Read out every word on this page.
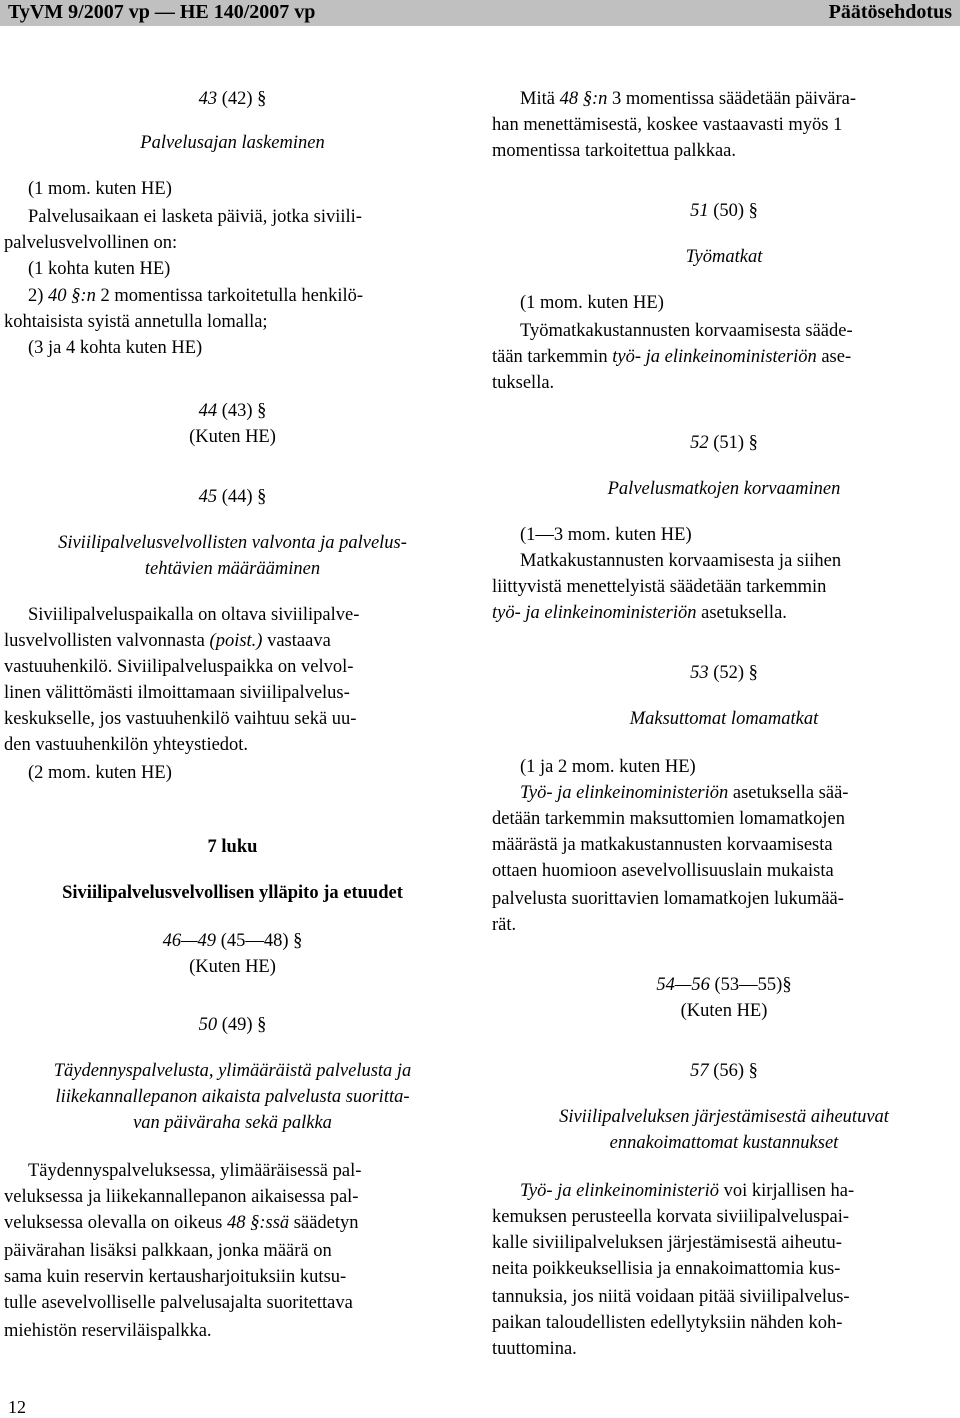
TyVM 9/2007 vp — HE 140/2007 vp	Päätösehdotus

43 (42) §

Palvelusajan laskeminen

(1 mom. kuten HE)

Palvelusaikaan ei lasketa päiviä, jotka siviili-

palvelusvelvollinen on:

(1 kohta kuten HE)

2) 40 §:n 2 momentissa tarkoitetulla henkilö-

kohtaisista syistä annetulla lomalla;

(3 ja 4 kohta kuten HE)

44 (43) §

(Kuten HE)

45 (44) §

Siviilipalvelusvelvollisten valvonta ja palvelus-

tehtävien määrääminen

Siviilipalveluspaikalla on oltava siviilipalve-

lusvelvollisten valvonnasta (poist.) vastaava

vastuuhenkilö. Siviilipalveluspaikka on velvol-

linen välittömästi ilmoittamaan siviilipalvelus-

keskukselle, jos vastuuhenkilö vaihtuu sekä uu-

den vastuuhenkilön yhteystiedot.

(2 mom. kuten HE)

7 luku

Siviilipalvelusvelvollisen ylläpito ja etuudet

46—49 (45—48) §

(Kuten HE)

50 (49) §

Täydennyspalvelusta, ylimääräistä palvelusta ja

liikekannallepanon aikaista palvelusta suoritta-

van päiväraha sekä palkka

Täydennyspalveluksessa, ylimääräisessä pal-

veluksessa ja liikekannallepanon aikaisessa pal-

veluksessa olevalla on oikeus 48 §:ssä säädetyn

päivärahan lisäksi palkkaan, jonka määrä on

sama kuin reservin kertausharjoituksiin kutsu-

tulle asevelvolliselle palvelusajalta suoritettava

miehistön reserviläispalkka.

Mitä 48 §:n 3 momentissa säädetään päivära-

han menettämisestä, koskee vastaavasti myös 1

momentissa tarkoitettua palkkaa.

51 (50) §

Työmatkat

(1 mom. kuten HE)

Työmatkakustannusten korvaamisesta sääde-

tään tarkemmin työ- ja elinkeinoministeriön ase-

tuksella.

52 (51) §

Palvelusmatkojen korvaaminen

(1—3 mom. kuten HE)

Matkakustannusten korvaamisesta ja siihen

liittyvistä menettelyistä säädetään tarkemmin

työ- ja elinkeinoministeriön asetuksella.

53 (52) §

Maksuttomat lomamatkat

(1 ja 2 mom. kuten HE)

Työ- ja elinkeinoministeriön asetuksella sää-

detään tarkemmin maksuttomien lomamatkojen

määrästä ja matkakustannusten korvaamisesta

ottaen huomioon asevelvollisuuslain mukaista

palvelusta suorittavien lomamatkojen lukumää-

rät.

54—56 (53—55)§

(Kuten HE)

57 (56) §

Siviilipalveluksen järjestämisestä aiheutuvat

ennakoimattomat kustannukset

Työ- ja elinkeinoministeriö voi kirjallisen ha-

kemuksen perusteella korvata siviilipalveluspai-

kalle siviilipalveluksen järjestämisestä aiheutu-

neita poikkeuksellisia ja ennakoimattomia kus-

tannuksia, jos niitä voidaan pitää siviilipalvelus-

paikan taloudellisten edellytyksiin nähden koh-

tuuttomina.

12
